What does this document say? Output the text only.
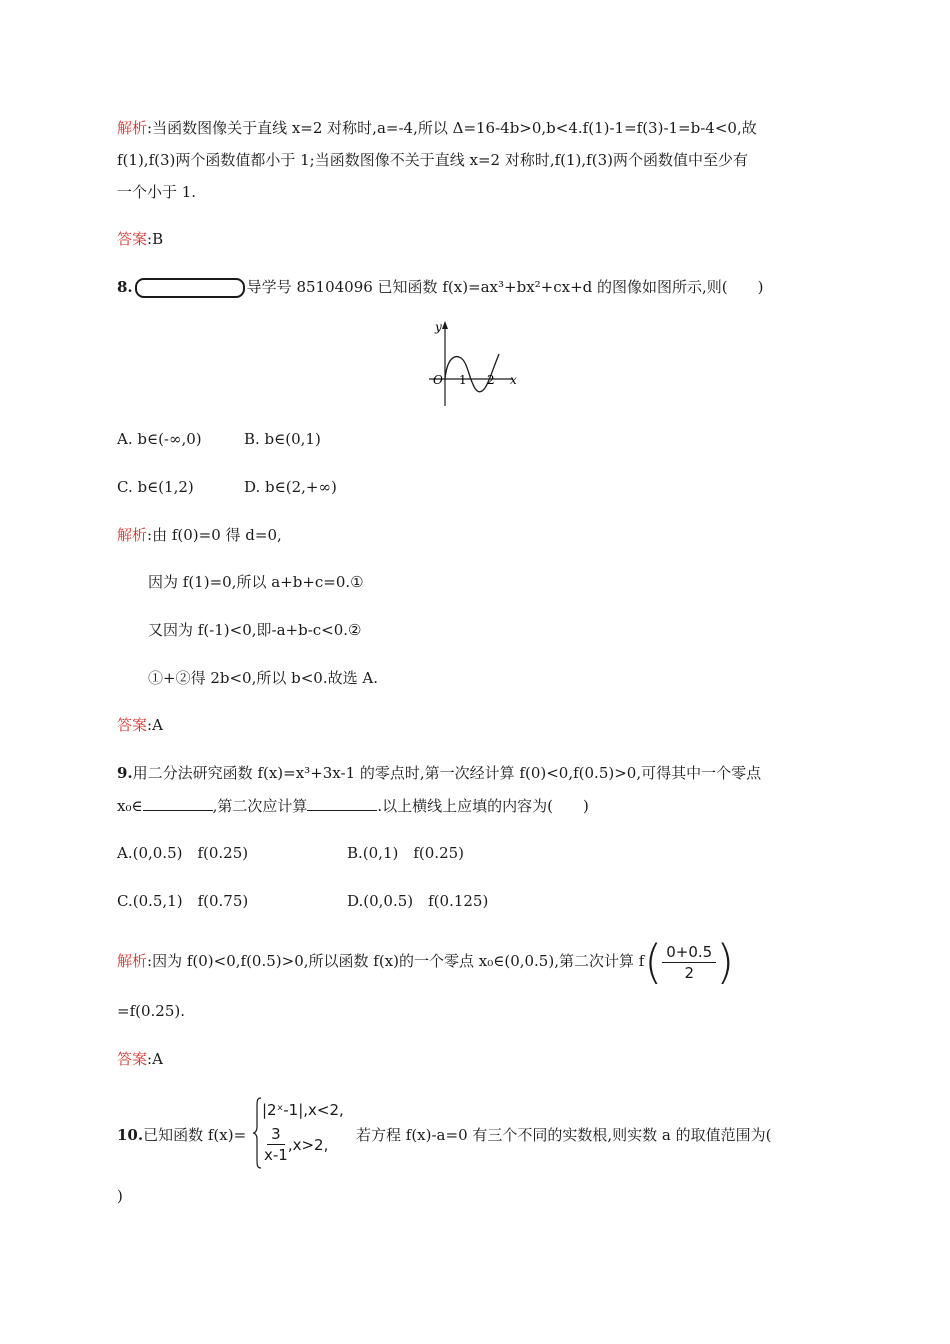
解析:当函数图像关于直线 x=2 对称时,a=-4,所以 Δ=16-4b>0,b<4.f(1)-1=f(3)-1=b-4<0,故
f(1),f(3)两个函数值都小于 1;当函数图像不关于直线 x=2 对称时,f(1),f(3)两个函数值中至少有
一个小于 1.
答案:B
8.	导学号 85104096 已知函数 f(x)=ax³+bx²+cx+d 的图像如图所示,则(　　)
y
x
O 1 2
A. b∈(-∞,0)	B. b∈(0,1)
C. b∈(1,2)	D. b∈(2,+∞)
解析:由 f(0)=0 得 d=0,
因为 f(1)=0,所以 a+b+c=0.①
又因为 f(-1)<0,即-a+b-c<0.②
①+②得 2b<0,所以 b<0.故选 A.
答案:A
9.用二分法研究函数 f(x)=x³+3x-1 的零点时,第一次经计算 f(0)<0,f(0.5)>0,可得其中一个零点
x₀∈	,第二次应计算	.以上横线上应填的内容为(　　)
A.(0,0.5)　f(0.25)	B.(0,1)　f(0.25)
C.(0.5,1)　f(0.75)	D.(0,0.5)　f(0.125)
解析:因为 f(0)<0,f(0.5)>0,所以函数 f(x)的一个零点 x₀∈(0,0.5),第二次计算 $f( \frac{0+0.5}{2}$ )
=f(0.25).
答案:A
10.已知函数 f(x)=
|2ˣ-1|,x<2,
$\frac{3}{x-1} ,x>2$,
若方程 f(x)-a=0 有三个不同的实数根,则实数 a 的取值范围为(
)
